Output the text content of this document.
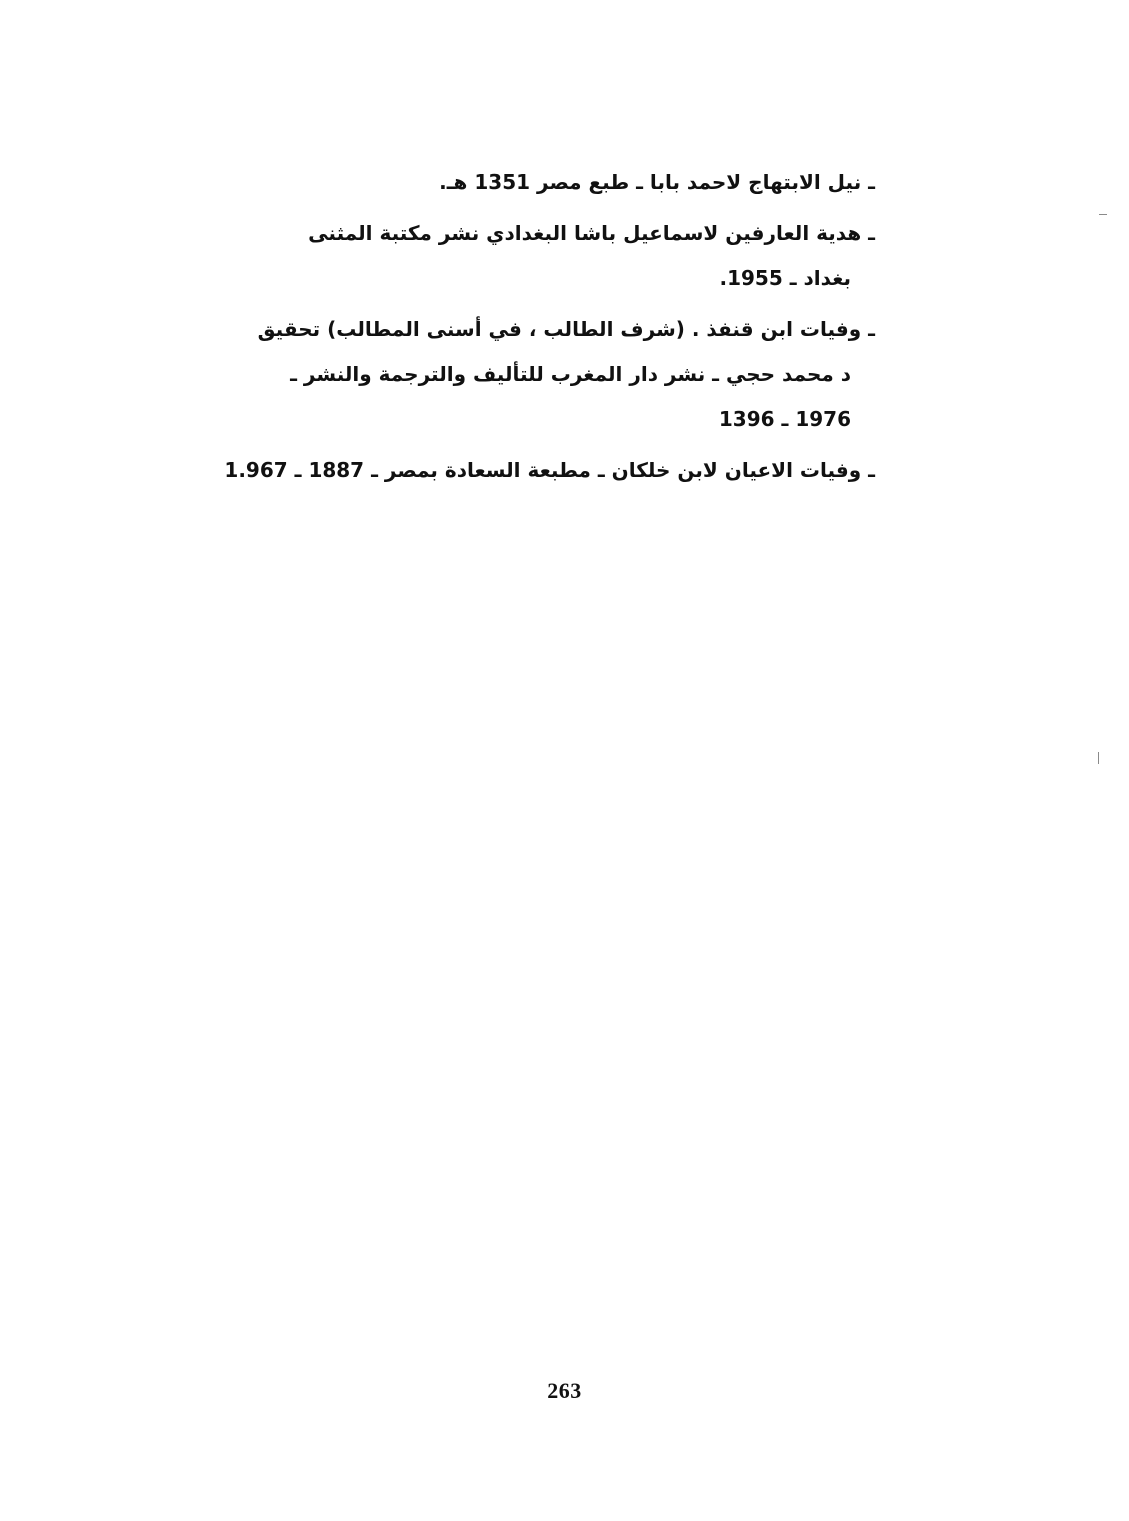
ـ نيل الابتهاج لاحمد بابا ـ طبع مصر 1351 هـ.
ـ هدية العارفين لاسماعيل باشا البغدادي نشر مكتبة المثنى
بغداد ـ 1955.
ـ وفيات ابن قنفذ . (شرف الطالب ، في أسنى المطالب) تحقيق
د محمد حجي ـ نشر دار المغرب للتأليف والترجمة والنشر ـ
1976 ـ 1396
ـ وفيات الاعيان لابن خلكان ـ مطبعة السعادة بمصر ـ 1887 ـ 1.967
263
